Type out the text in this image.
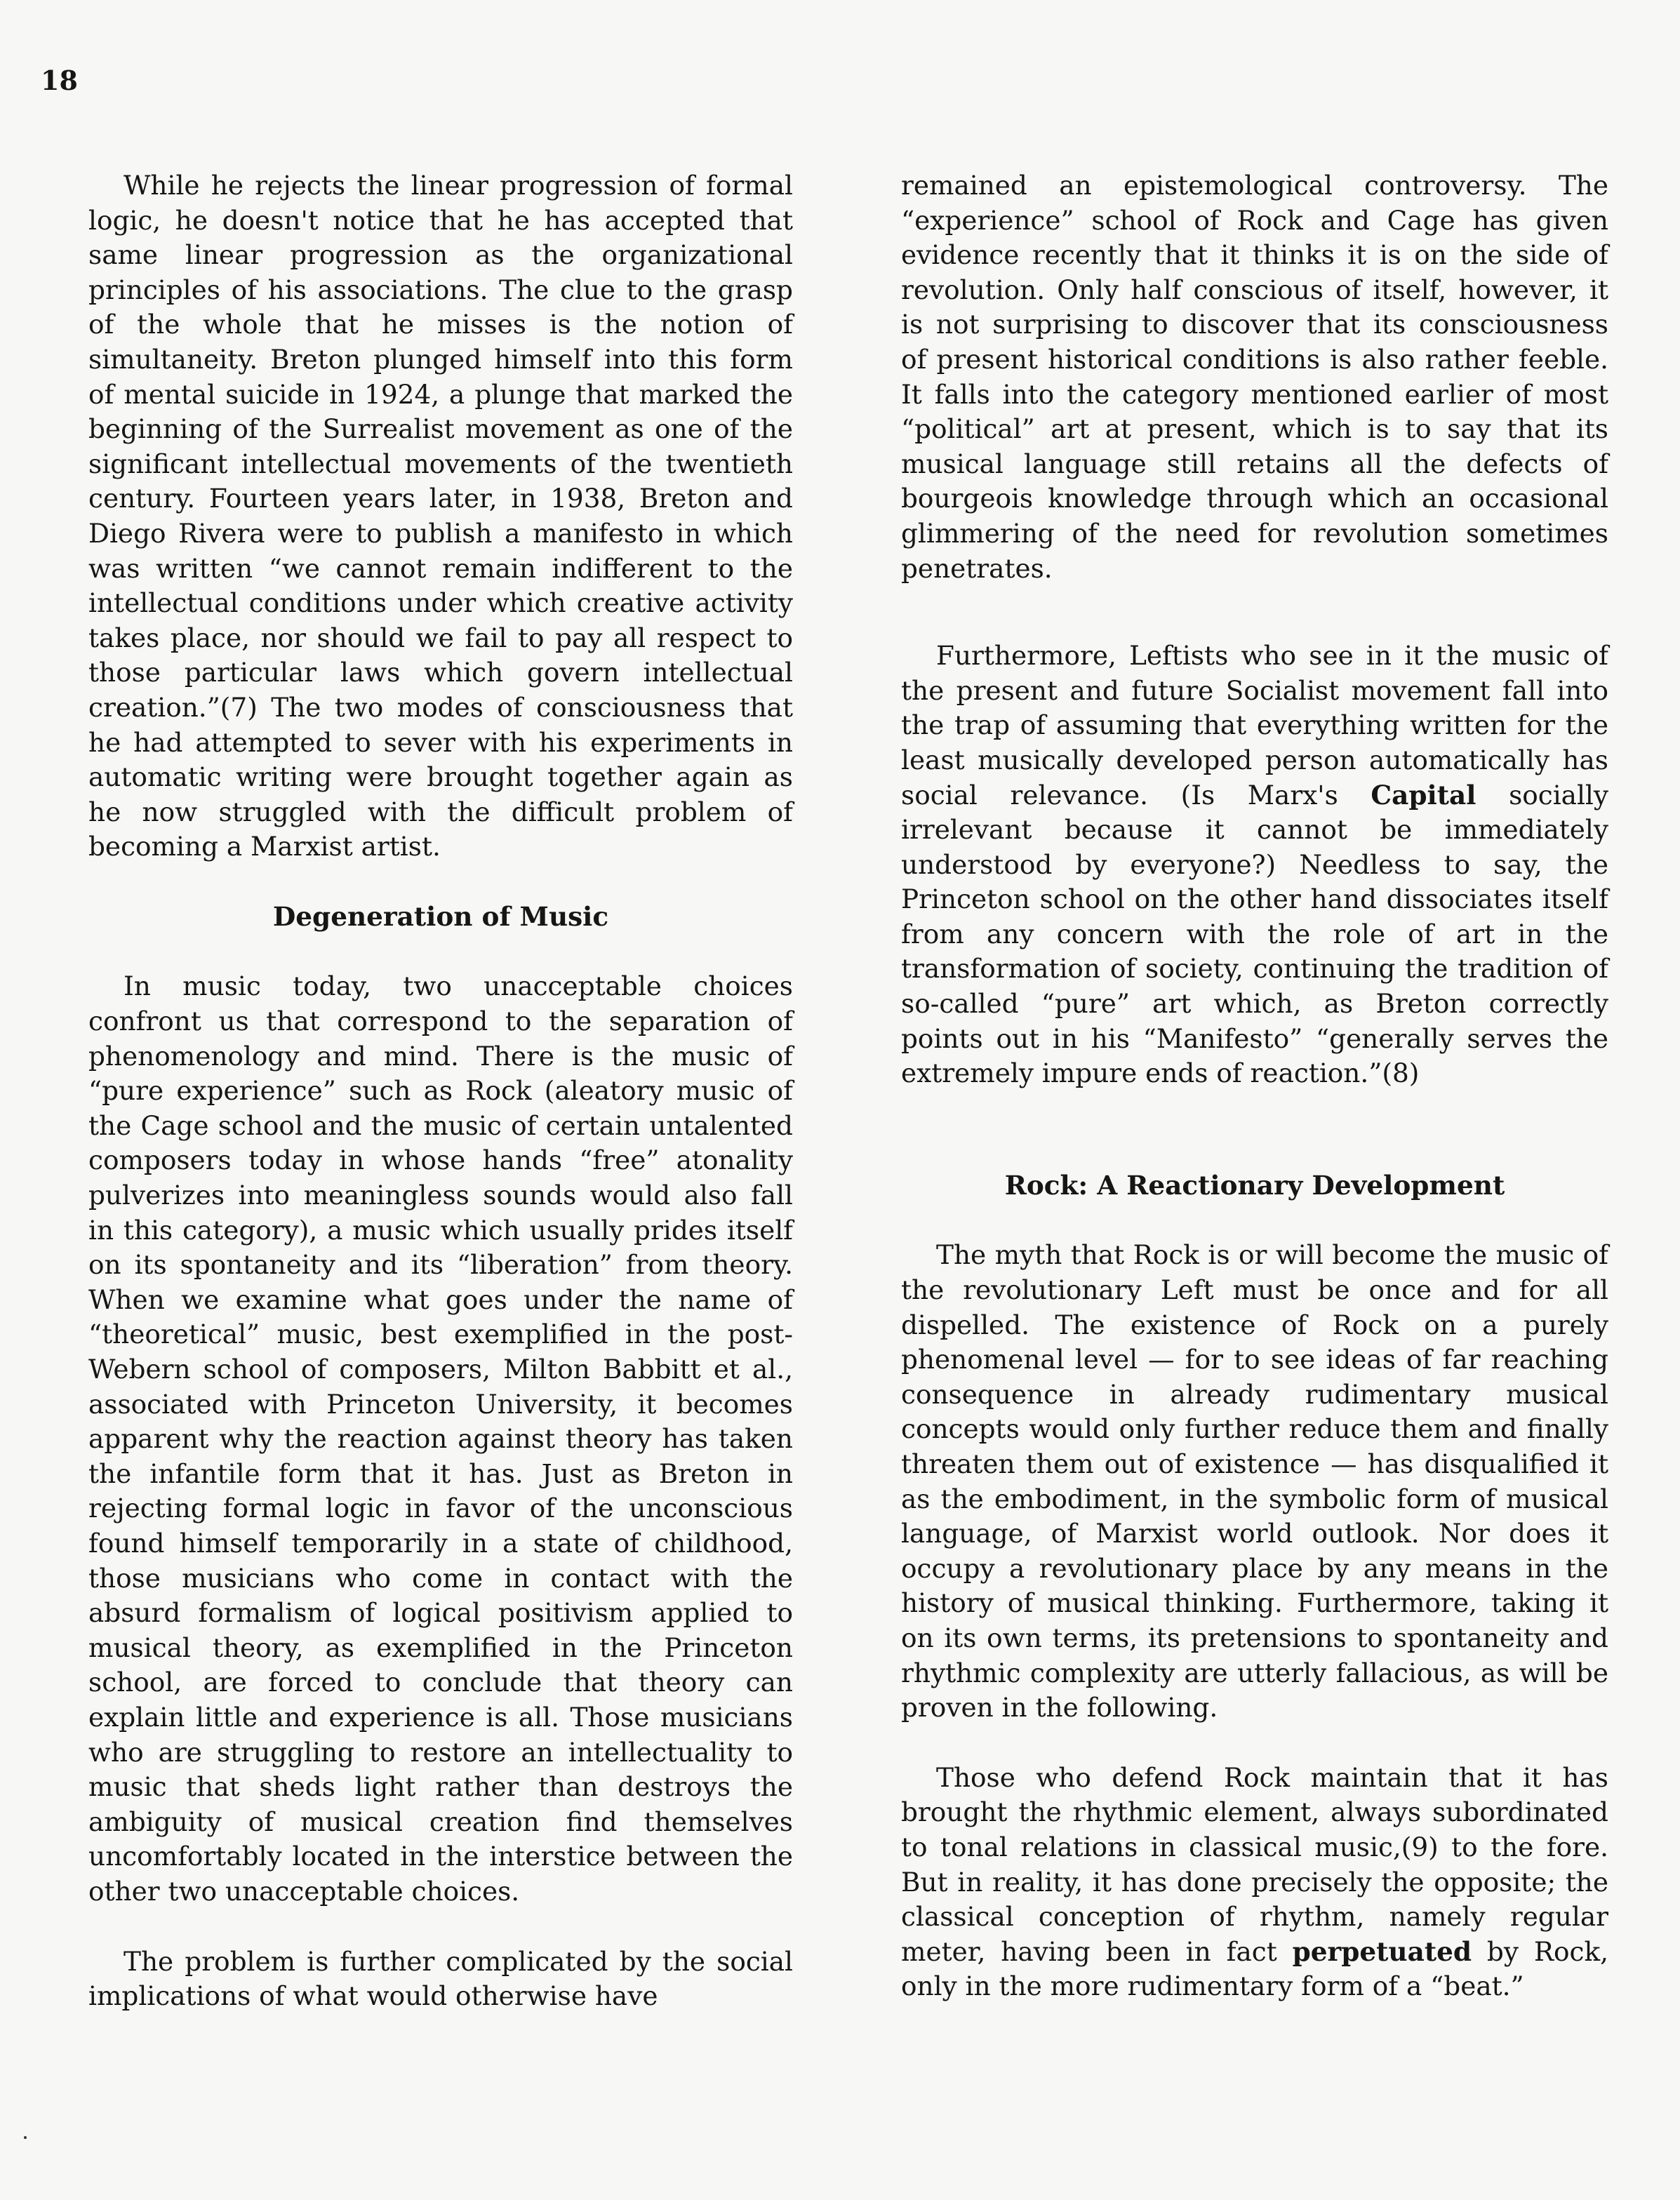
18

While he rejects the linear progression of formal logic, he doesn't notice that he has accepted that same linear progression as the organizational principles of his associations. The clue to the grasp of the whole that he misses is the notion of simultaneity. Breton plunged himself into this form of mental suicide in 1924, a plunge that marked the beginning of the Surrealist movement as one of the significant intellectual movements of the twentieth century. Fourteen years later, in 1938, Breton and Diego Rivera were to publish a manifesto in which was written “we cannot remain indifferent to the intellectual conditions under which creative activity takes place, nor should we fail to pay all respect to those particular laws which govern intellectual creation.”(7) The two modes of consciousness that he had attempted to sever with his experiments in automatic writing were brought together again as he now struggled with the difficult problem of becoming a Marxist artist.

Degeneration of Music

In music today, two unacceptable choices confront us that correspond to the separation of phenomenology and mind. There is the music of “pure experience” such as Rock (aleatory music of the Cage school and the music of certain untalented composers today in whose hands “free” atonality pulverizes into meaningless sounds would also fall in this category), a music which usually prides itself on its spontaneity and its “liberation” from theory. When we examine what goes under the name of “theoretical” music, best exemplified in the post-Webern school of composers, Milton Babbitt et al., associated with Princeton University, it becomes apparent why the reaction against theory has taken the infantile form that it has. Just as Breton in rejecting formal logic in favor of the unconscious found himself temporarily in a state of childhood, those musicians who come in contact with the absurd formalism of logical positivism applied to musical theory, as exemplified in the Princeton school, are forced to conclude that theory can explain little and experience is all. Those musicians who are struggling to restore an intellectuality to music that sheds light rather than destroys the ambiguity of musical creation find themselves uncomfortably located in the interstice between the other two unacceptable choices.

The problem is further complicated by the social implications of what would otherwise have

remained an epistemological controversy. The “experience” school of Rock and Cage has given evidence recently that it thinks it is on the side of revolution. Only half conscious of itself, however, it is not surprising to discover that its consciousness of present historical conditions is also rather feeble. It falls into the category mentioned earlier of most “political” art at present, which is to say that its musical language still retains all the defects of bourgeois knowledge through which an occasional glimmering of the need for revolution sometimes penetrates.

Furthermore, Leftists who see in it the music of the present and future Socialist movement fall into the trap of assuming that everything written for the least musically developed person automatically has social relevance. (Is Marx's Capital socially irrelevant because it cannot be immediately understood by everyone?) Needless to say, the Princeton school on the other hand dissociates itself from any concern with the role of art in the transformation of society, continuing the tradition of so-called “pure” art which, as Breton correctly points out in his “Manifesto” “generally serves the extremely impure ends of reaction.”(8)

Rock: A Reactionary Development

The myth that Rock is or will become the music of the revolutionary Left must be once and for all dispelled. The existence of Rock on a purely phenomenal level — for to see ideas of far reaching consequence in already rudimentary musical concepts would only further reduce them and finally threaten them out of existence — has disqualified it as the embodiment, in the symbolic form of musical language, of Marxist world outlook. Nor does it occupy a revolutionary place by any means in the history of musical thinking. Furthermore, taking it on its own terms, its pretensions to spontaneity and rhythmic complexity are utterly fallacious, as will be proven in the following.

Those who defend Rock maintain that it has brought the rhythmic element, always subordinated to tonal relations in classical music,(9) to the fore. But in reality, it has done precisely the opposite; the classical conception of rhythm, namely regular meter, having been in fact perpetuated by Rock, only in the more rudimentary form of a “beat.”
